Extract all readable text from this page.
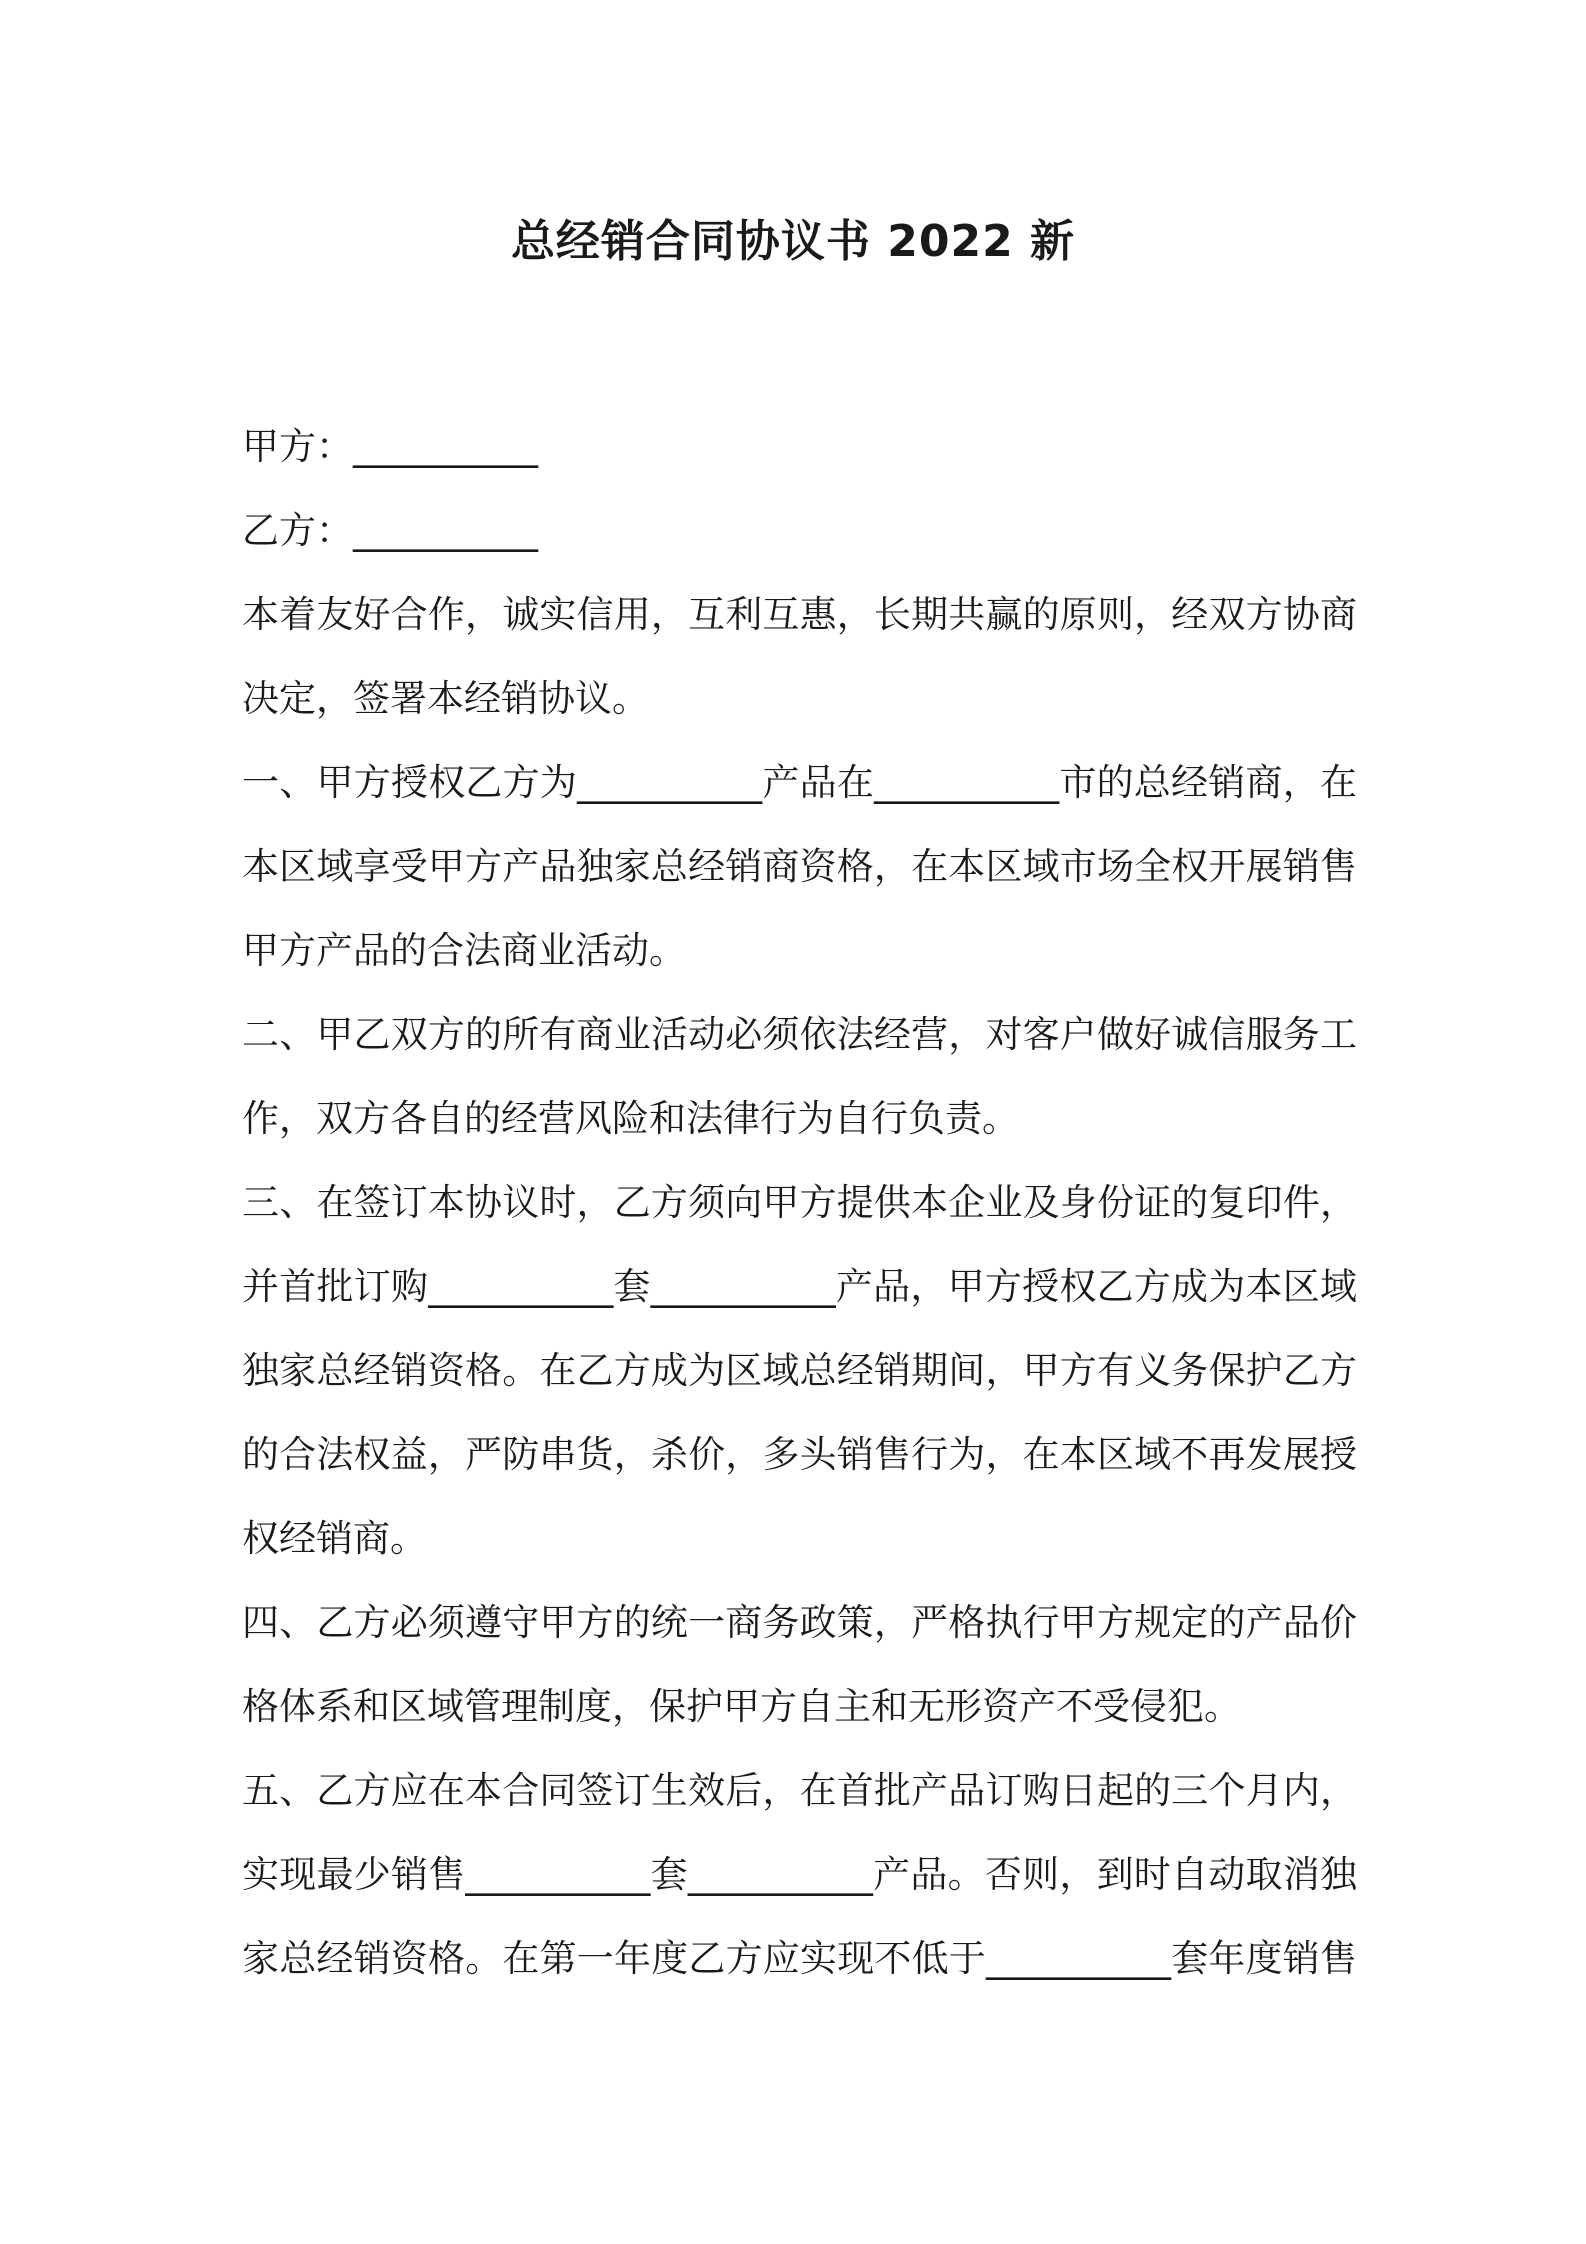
总经销合同协议书 2022 新
甲方：__________
乙方：__________
本着友好合作，诚实信用，互利互惠，长期共赢的原则，经双方协商
决定，签署本经销协议。
一、甲方授权乙方为__________产品在__________市的总经销商，在
本区域享受甲方产品独家总经销商资格，在本区域市场全权开展销售
甲方产品的合法商业活动。
二、甲乙双方的所有商业活动必须依法经营，对客户做好诚信服务工
作，双方各自的经营风险和法律行为自行负责。
三、在签订本协议时，乙方须向甲方提供本企业及身份证的复印件，
并首批订购__________套__________产品，甲方授权乙方成为本区域
独家总经销资格。在乙方成为区域总经销期间，甲方有义务保护乙方
的合法权益，严防串货，杀价，多头销售行为，在本区域不再发展授
权经销商。
四、乙方必须遵守甲方的统一商务政策，严格执行甲方规定的产品价
格体系和区域管理制度，保护甲方自主和无形资产不受侵犯。
五、乙方应在本合同签订生效后，在首批产品订购日起的三个月内，
实现最少销售__________套__________产品。否则，到时自动取消独
家总经销资格。在第一年度乙方应实现不低于__________套年度销售
